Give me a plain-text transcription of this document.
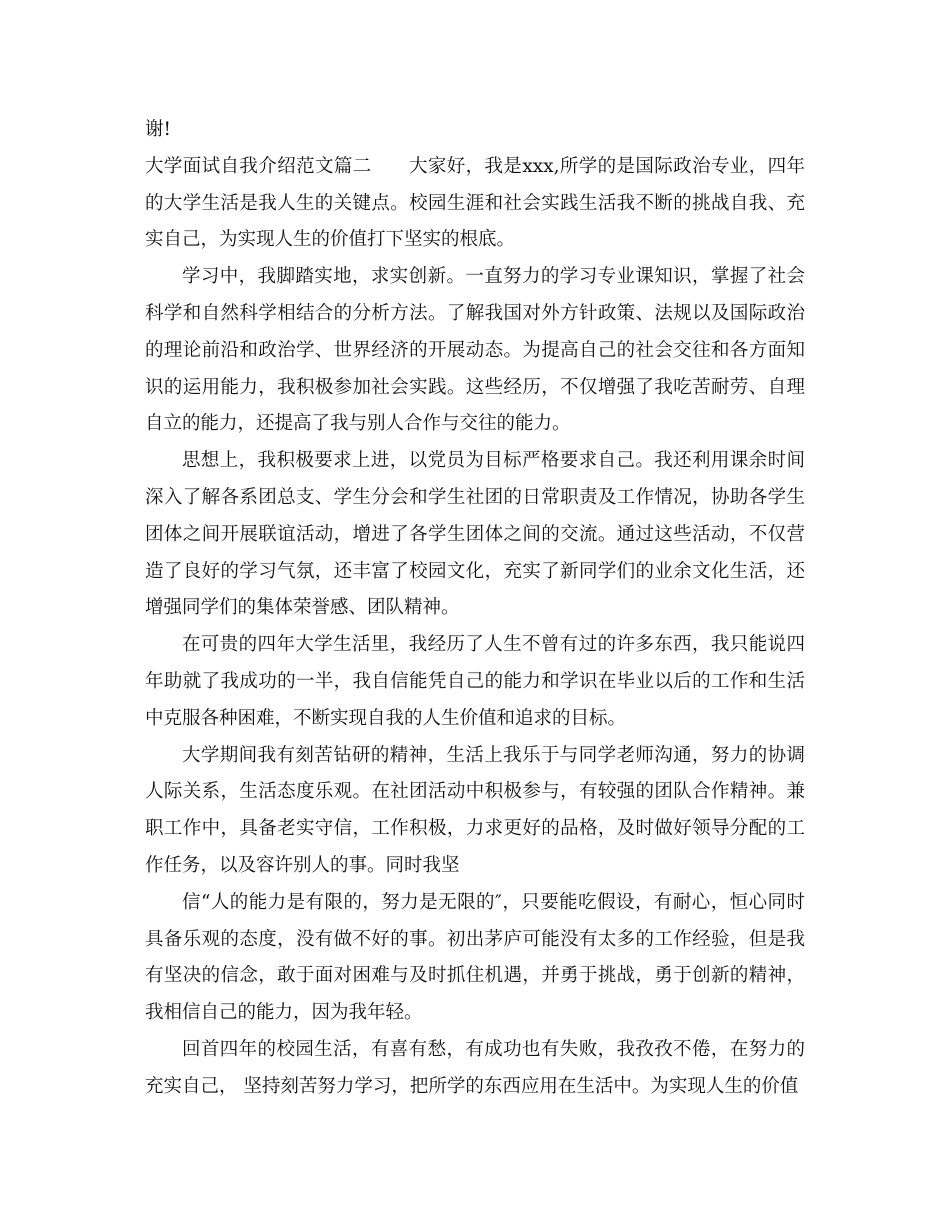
谢!

大学面试自我介绍范文篇二 大家好，我是xxx,所学的是国际政治专业，四年的大学生活是我人生的关键点。校园生涯和社会实践生活我不断的挑战自我、充实自己，为实现人生的价值打下坚实的根底。

学习中，我脚踏实地，求实创新。一直努力的学习专业课知识，掌握了社会科学和自然科学相结合的分析方法。了解我国对外方针政策、法规以及国际政治的理论前沿和政治学、世界经济的开展动态。为提高自己的社会交往和各方面知识的运用能力，我积极参加社会实践。这些经历，不仅增强了我吃苦耐劳、自理自立的能力，还提高了我与别人合作与交往的能力。

思想上，我积极要求上进，以党员为目标严格要求自己。我还利用课余时间深入了解各系团总支、学生分会和学生社团的日常职责及工作情况，协助各学生团体之间开展联谊活动，增进了各学生团体之间的交流。通过这些活动，不仅营造了良好的学习气氛，还丰富了校园文化，充实了新同学们的业余文化生活，还增强同学们的集体荣誉感、团队精神。

在可贵的四年大学生活里，我经历了人生不曾有过的许多东西，我只能说四年助就了我成功的一半，我自信能凭自己的能力和学识在毕业以后的工作和生活中克服各种困难，不断实现自我的人生价值和追求的目标。

大学期间我有刻苦钻研的精神，生活上我乐于与同学老师沟通，努力的协调人际关系，生活态度乐观。在社团活动中积极参与，有较强的团队合作精神。兼职工作中，具备老实守信，工作积极，力求更好的品格，及时做好领导分配的工作任务，以及容许别人的事。同时我坚

信“人的能力是有限的，努力是无限的″，只要能吃假设，有耐心，恒心同时具备乐观的态度，没有做不好的事。初出茅庐可能没有太多的工作经验，但是我有坚决的信念，敢于面对困难与及时抓住机遇，并勇于挑战，勇于创新的精神，我相信自己的能力，因为我年轻。

回首四年的校园生活，有喜有愁，有成功也有失败，我孜孜不倦，在努力的充实自己， 坚持刻苦努力学习，把所学的东西应用在生活中。为实现人生的价值
